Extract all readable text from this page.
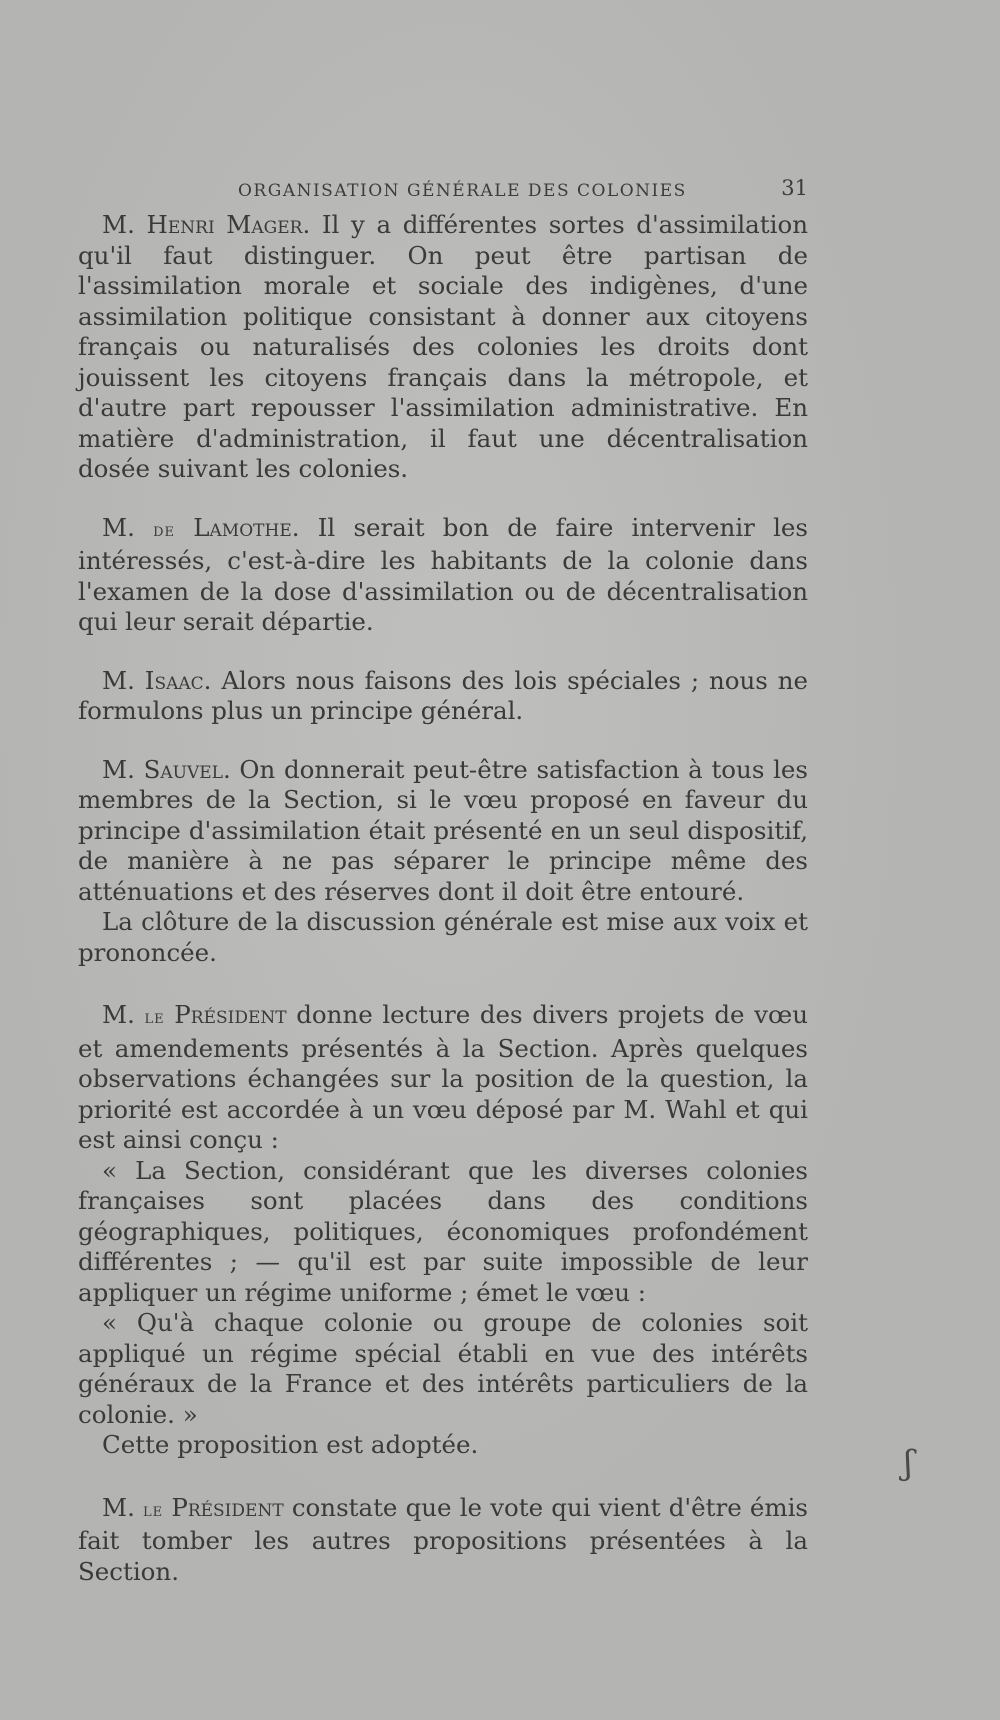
ORGANISATION GÉNÉRALE DES COLONIES	31

M. Henri Mager. Il y a différentes sortes d'assimilation qu'il faut distinguer. On peut être partisan de l'assimilation morale et sociale des indigènes, d'une assimilation politique consistant à donner aux citoyens français ou naturalisés des colonies les droits dont jouissent les citoyens français dans la métropole, et d'autre part repousser l'assimilation administrative. En matière d'administration, il faut une décentralisation dosée suivant les colonies.

M. de Lamothe. Il serait bon de faire intervenir les intéressés, c'est-à-dire les habitants de la colonie dans l'examen de la dose d'assimilation ou de décentralisation qui leur serait départie.

M. Isaac. Alors nous faisons des lois spéciales ; nous ne formulons plus un principe général.

M. Sauvel. On donnerait peut-être satisfaction à tous les membres de la Section, si le vœu proposé en faveur du principe d'assimilation était présenté en un seul dispositif, de manière à ne pas séparer le principe même des atténuations et des réserves dont il doit être entouré.

La clôture de la discussion générale est mise aux voix et prononcée.

M. le Président donne lecture des divers projets de vœu et amendements présentés à la Section. Après quelques observations échangées sur la position de la question, la priorité est accordée à un vœu déposé par M. Wahl et qui est ainsi conçu :

« La Section, considérant que les diverses colonies françaises sont placées dans des conditions géographiques, politiques, économiques profondément différentes ; — qu'il est par suite impossible de leur appliquer un régime uniforme ; émet le vœu :

« Qu'à chaque colonie ou groupe de colonies soit appliqué un régime spécial établi en vue des intérêts généraux de la France et des intérêts particuliers de la colonie. »

Cette proposition est adoptée.

M. le Président constate que le vote qui vient d'être émis fait tomber les autres propositions présentées à la Section.

ʃ
